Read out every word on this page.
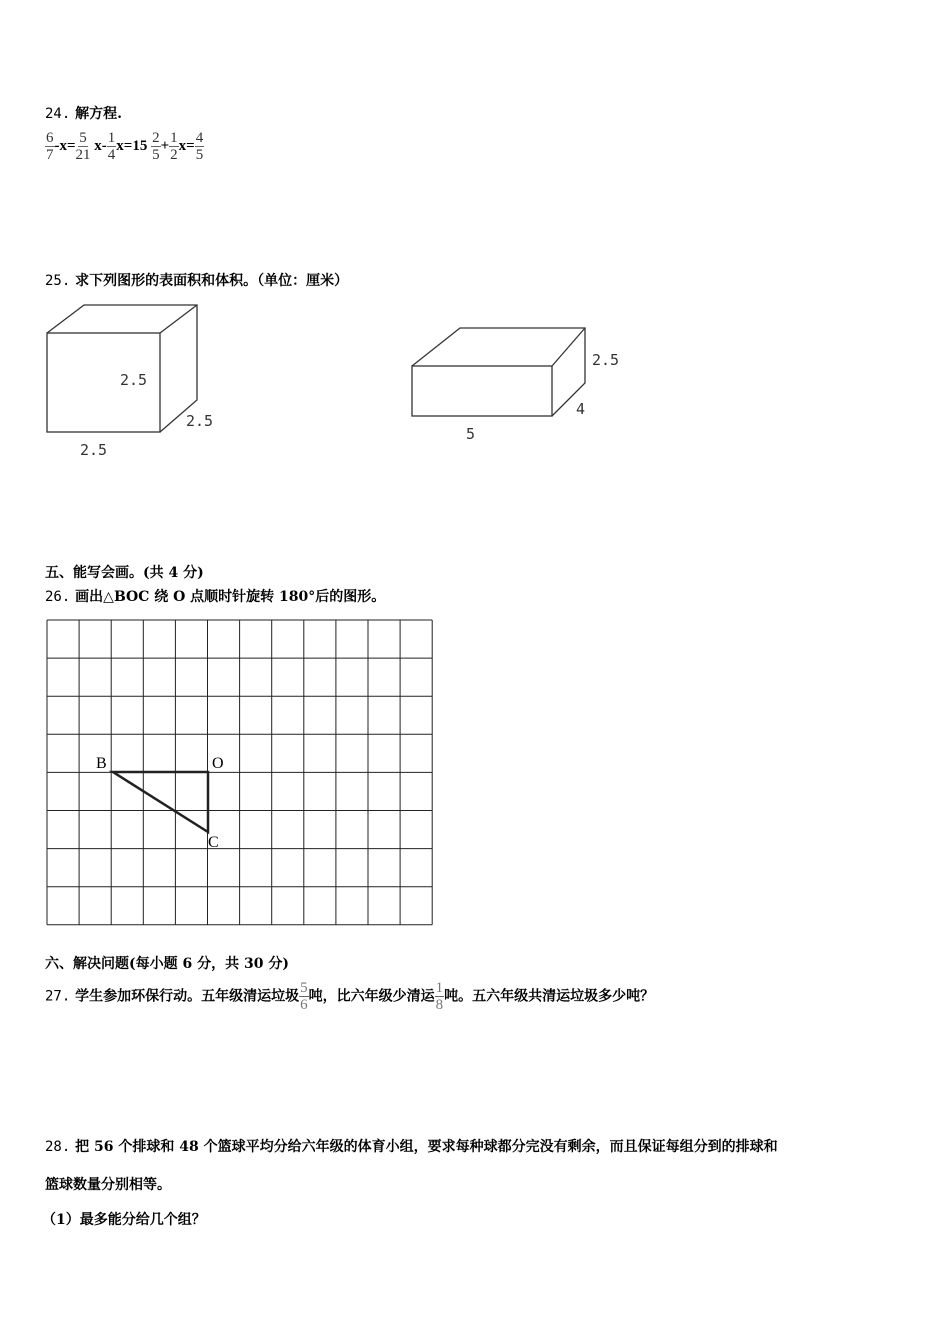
24. 解方程.
$\frac{6}{7} -x= \frac{5}{21} x- \frac{1}{4} x=15 \frac{2}{5} + \frac{1}{2} x= \frac{4}{5}$
25. 求下列图形的表面积和体积。（单位：厘米）
2.5
2.5
2.5
2.5
4
5
五、能写会画。(共 4 分)
26. 画出△BOC 绕 O 点顺时针旋转 180°后的图形。
B	O
C
六、解决问题(每小题 6 分，共 30 分)
27. 学生参加环保行动。五年级清运垃圾 $\frac{5}{6}$ 吨，比六年级少清运 $\frac{1}{8}$ 吨。五六年级共清运垃圾多少吨？
28. 把 56 个排球和 48 个篮球平均分给六年级的体育小组，要求每种球都分完没有剩余，而且保证每组分到的排球和
篮球数量分别相等。
（1）最多能分给几个组？
